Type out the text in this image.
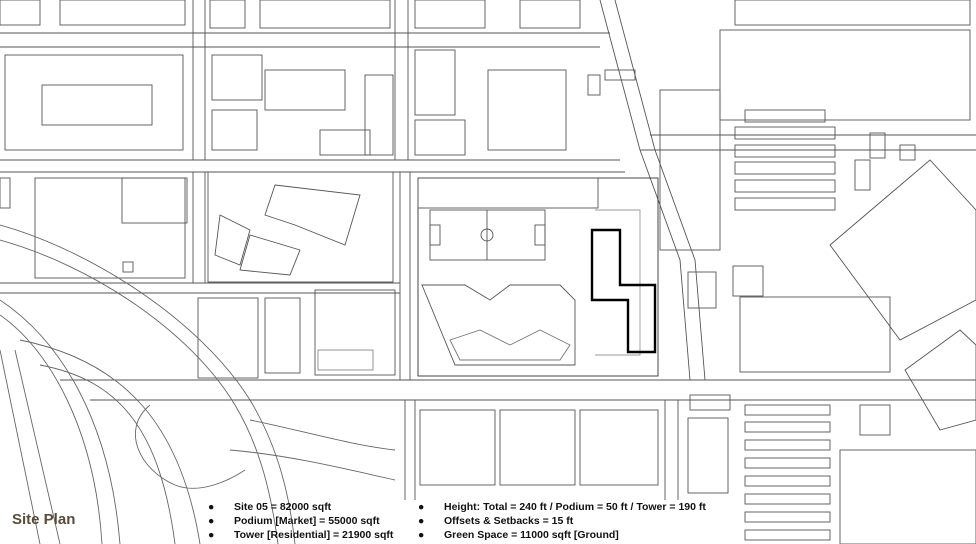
Site Plan
● Site 05 = 82000 sqft
● Podium [Market] = 55000 sqft
● Tower [Residential] = 21900 sqft
● Height: Total = 240 ft / Podium = 50 ft / Tower = 190 ft
● Offsets & Setbacks = 15 ft
● Green Space = 11000 sqft [Ground]
